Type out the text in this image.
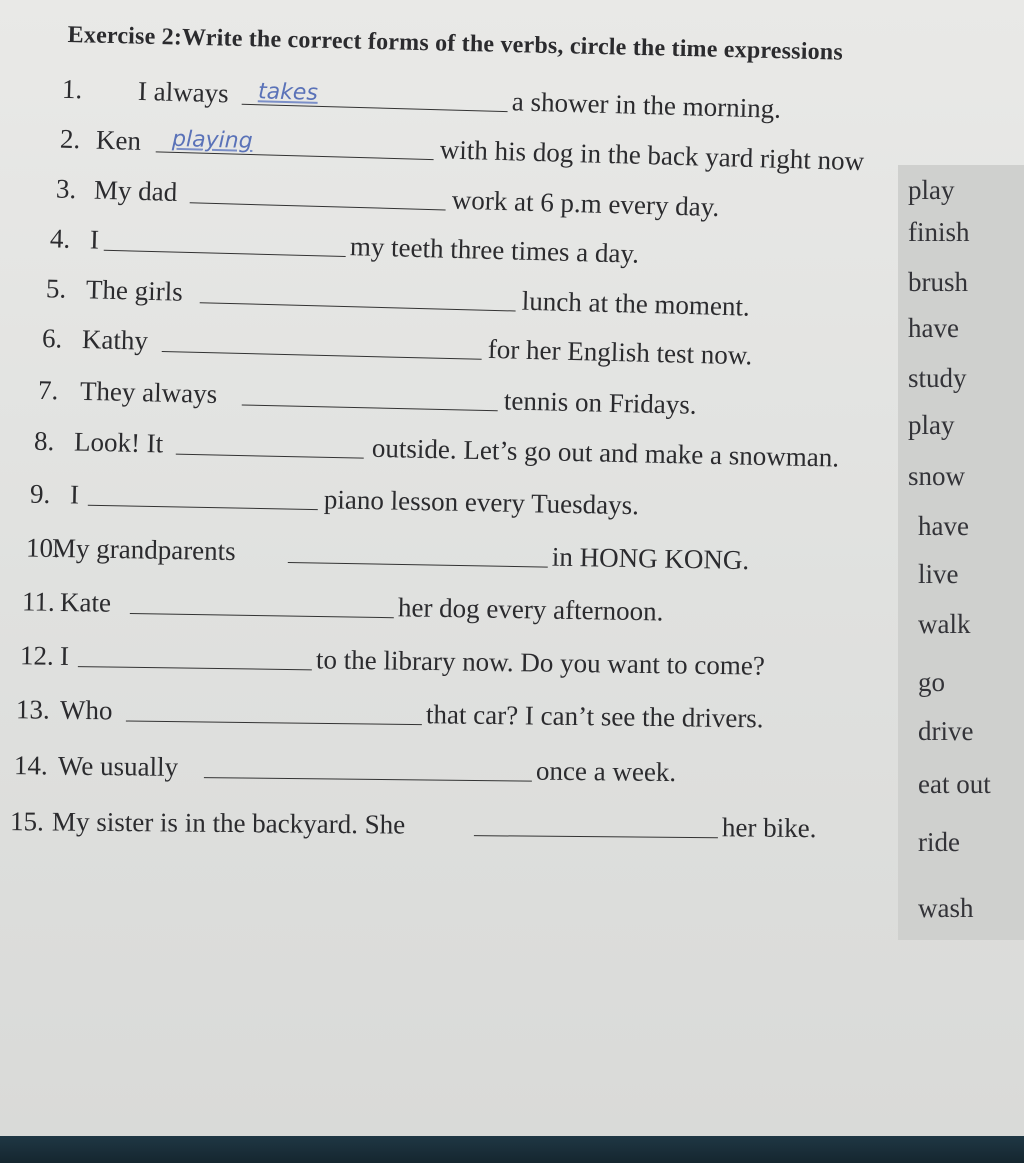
Exercise 2:Write the correct forms of the verbs, circle the time expressions
1. I always takes	a shower in the morning.
2. Ken playing	with his dog in the back yard right now
3. My dad	work at 6 p.m every day.
4. I	my teeth three times a day.
5. The girls	lunch at the moment.
6. Kathy	for her English test now.
7. They always	tennis on Fridays.
8. Look! It	outside. Let’s go out and make a snowman.
9. I	piano lesson every Tuesdays.
10.
My grandparents	in HONG KONG.
11. Kate	her dog every afternoon.
12. I	to the library now. Do you want to come?
13. Who	that car? I can’t see the drivers.
14. We usually	once a week.
15. My sister is in the backyard. She	her bike.
play
finish
brush
have
study
play
snow
have
live
walk
go
drive
eat out
ride
wash
